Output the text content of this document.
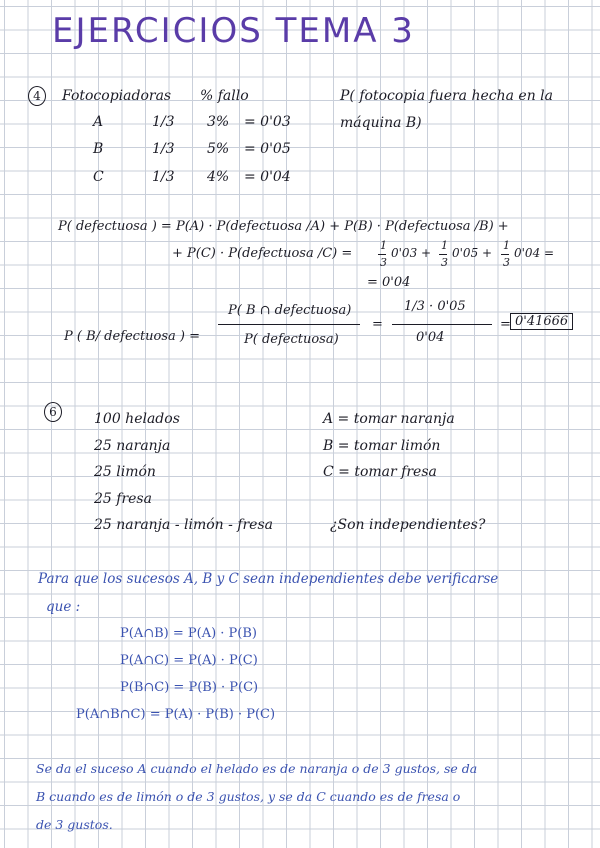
EJERCICIOS TEMA 3
4	Fotocopiadoras % fallo	P( fotocopia fuera hecha en la
máquina B)
A	1/3 3% = 0'03
B	1/3 5% = 0'05
C	1/3 4% = 0'04
P( defectuosa ) = P(A) · P(defectuosa /A) + P(B) · P(defectuosa /B) +
+ P(C) · P(defectuosa /C) =
1
3
0'03 +
1
3
0'05 +
1
3
0'04 =
= 0'04
P ( B/ defectuosa ) =
P( B ∩ defectuosa)
P( defectuosa)
=
1/3 · 0'05
0'04
= 0'41666
6	100 helados
25 naranja
25 limón
25 fresa
25 naranja - limón - fresa
A = tomar naranja
B = tomar limón
C = tomar fresa
¿Son independientes?
Para que los sucesos A, B y C sean independientes debe verificarse
que :
P(A∩B) = P(A) · P(B)
P(A∩C) = P(A) · P(C)
P(B∩C) = P(B) · P(C)
P(A∩B∩C) = P(A) · P(B) · P(C)
Se da el suceso A cuando el helado es de naranja o de 3 gustos, se da
B cuando es de limón o de 3 gustos, y se da C cuando es de fresa o
de 3 gustos.
